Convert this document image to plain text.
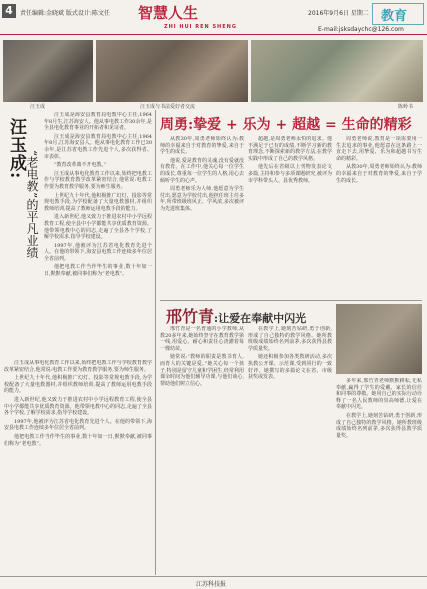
4	责任编辑:金晓斌 版式设计:陈文任 智慧人生
ZHI HUI REN SHENG
2016年9月6日 星期二 教育
E-mail:jsksdaychc@126.com
汪玉成	汪玉成与书法爱好者交流	陈岭书
汪玉成:
“老电教”的平凡业绩

汪玉成是海安县教育局电教中心主任,1964年8月生,江苏海安人。他从事电教工作30余年,是全县电化教育事业的开拓者和见证者。

汪玉成是海安县教育局电教中心主任,1964年8月,江苏海安县人。他从事电化教育工作已30余年,是江苏省电教工作先进个人,多次获得省、市表彰。

“教育改革离不开电教。”

汪玉成从事电化教育工作以来,始终把电教工作与学校教育教学改革紧密结合,他常说:电教工作要为教育教学服务,要为师生服务。

上世纪九十年代,他积极推广幻灯、投影等常规电教手段,为学校配备了大量电教器材,并组织教师培训,提高了教师运用电教手段的能力。

进入新世纪,他又致力于推进农村中小学远程教育工程,使全县中小学都能共享优质教育资源。他带领电教中心的同志,走遍了全县各个学校,了解学校需求,指导学校建设。

1997年,他被评为江苏省电化教育先进个人。在他的带领下,海安县电教工作连续多年位居全省前列。

他把电教工作当作毕生的事业,数十年如一日,默默奉献,被同事们称为“老电教”。

汪玉成从事电化教育工作以来,始终把电教工作与学校教育教学改革紧密结合,他常说:电教工作要为教育教学服务,要为师生服务。

上世纪九十年代,他积极推广幻灯、投影等常规电教手段,为学校配备了大量电教器材,并组织教师培训,提高了教师运用电教手段的能力。

进入新世纪,他又致力于推进农村中小学远程教育工程,使全县中小学都能共享优质教育资源。他带领电教中心的同志,走遍了全县各个学校,了解学校需求,指导学校建设。

1997年,他被评为江苏省电化教育先进个人。在他的带领下,海安县电教工作连续多年位居全省前列。

他把电教工作当作毕生的事业,数十年如一日,默默奉献,被同事们称为“老电教”。

周勇:挚爱 + 乐为 + 超越 = 生命的精彩

从教30年,周勇老师始终认为:教师的幸福来自于对教育的挚爱,来自于学生的成长。

他说,爱是教育的灵魂,没有爱就没有教育。在工作中,他关心每一位学生的成长,尊重每一位学生的人格,用心去倾听学生的心声。

周勇老师乐为人师,他愿意为学生付出,愿意为学校付出,他担任班主任多年,所带班级班风正、学风浓,多次被评为先进班集体。

超越,是周勇老师永恒的追求。他不满足于已有的成绩,不断学习新的教育理念,不断探索新的教学方法,在教学实践中形成了自己的教学风格。

他先后在省级以上刊物发表论文多篇,主持和参与多项课题研究,被评为市学科带头人、县优秀教师。

周勇老师说,教育是一项需要用一生去追求的事业,他愿意在这条路上一直走下去,用挚爱、乐为和超越书写生命的精彩。

从教30年,周勇老师始终认为:教师的幸福来自于对教育的挚爱,来自于学生的成长。

邢竹青:让爱在奉献中闪光

邢竹青是一名普通的小学教师,从教20多年来,她始终坚守在教育教学第一线,用爱心、耐心和责任心浇灌着每一棵幼苗。

她常说:“教师的职责是教书育人,而育人的关键是爱。”她关心每一个孩子,特别是留守儿童和学困生,经常利用课余时间为他们辅导功课,与他们谈心,帮助他们树立信心。

在教学上,她刻苦钻研,勇于创新,形成了自己独特的教学风格。她所教班级成绩始终名列前茅,多次获得县教学质量奖。

她还积极参加各类教研活动,多次执教公开课、示范课,受到同行的一致好评。她撰写的多篇论文在省、市级获奖或发表。

多年来,邢竹青老师默默耕耘,无私奉献,赢得了学生的爱戴、家长的信任和同事的尊敬。她用自己的实际行动诠释了一名人民教师的崇高师德,让爱在奉献中闪光。

在教学上,她刻苦钻研,勇于创新,形成了自己独特的教学风格。她所教班级成绩始终名列前茅,多次获得县教学质量奖。

江苏科技报
